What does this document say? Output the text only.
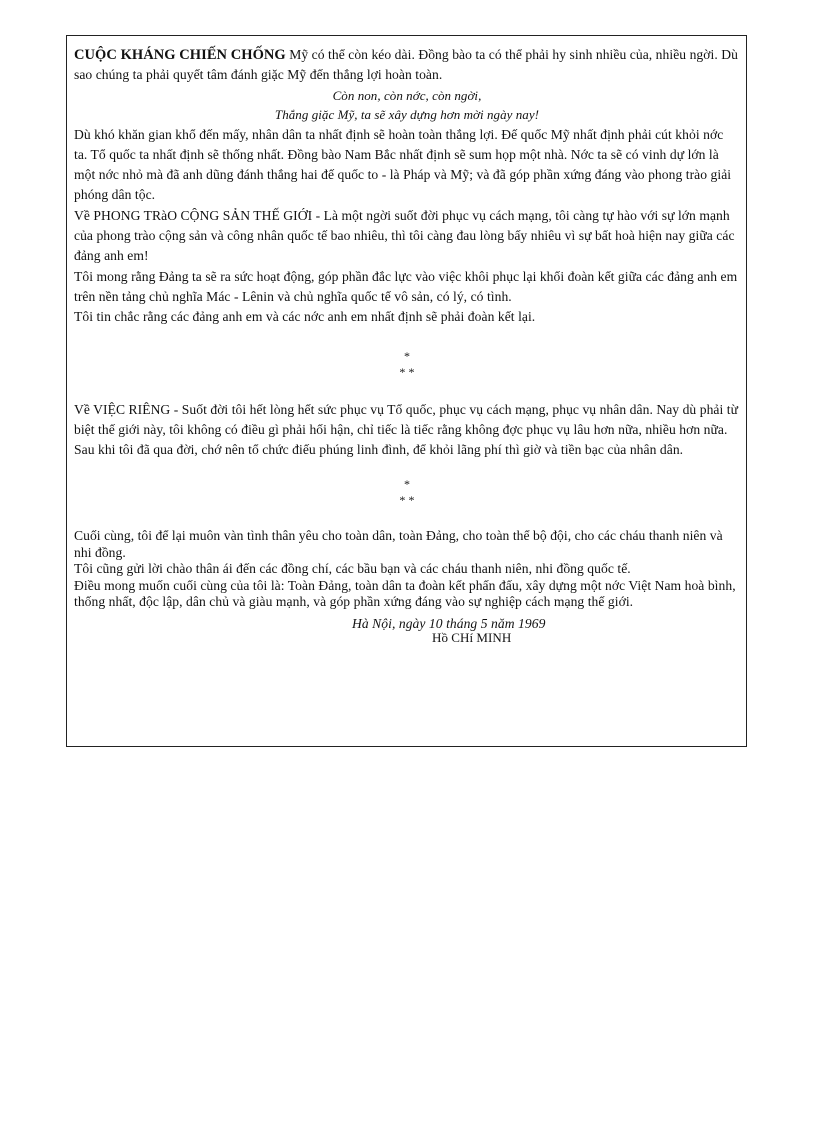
CUỘC KHÁNG CHIẾN CHỐNG Mỹ có thể còn kéo dài. Đồng bào ta có thể phải hy sinh nhiều của, nhiều ngời. Dù sao chúng ta phải quyết tâm đánh giặc Mỹ đến thắng lợi hoàn toàn.

Còn non, còn nớc, còn ngời,

Thắng giặc Mỹ, ta sẽ xây dựng hơn mời ngày nay!

Dù khó khăn gian khổ đến mấy, nhân dân ta nhất định sẽ hoàn toàn thắng lợi. Đế quốc Mỹ nhất định phải cút khỏi nớc ta. Tổ quốc ta nhất định sẽ thống nhất. Đồng bào Nam Bắc nhất định sẽ sum họp một nhà. Nớc ta sẽ có vinh dự lớn là một nớc nhỏ mà đã anh dũng đánh thắng hai đế quốc to - là Pháp và Mỹ; và đã góp phần xứng đáng vào phong trào giải phóng dân tộc.

Về PHONG TRàO CỘNG SẢN THẾ GIỚI - Là một ngời suốt đời phục vụ cách mạng, tôi càng tự hào với sự lớn mạnh của phong trào cộng sản và công nhân quốc tế bao nhiêu, thì tôi càng đau lòng bấy nhiêu vì sự bất hoà hiện nay giữa các đảng anh em!

Tôi mong rằng Đảng ta sẽ ra sức hoạt động, góp phần đắc lực vào việc khôi phục lại khối đoàn kết giữa các đảng anh em trên nền tảng chủ nghĩa Mác - Lênin và chủ nghĩa quốc tế vô sản, có lý, có tình.

Tôi tin chắc rằng các đảng anh em và các nớc anh em nhất định sẽ phải đoàn kết lại.

*

* *

Về VIỆC RIÊNG - Suốt đời tôi hết lòng hết sức phục vụ Tổ quốc, phục vụ cách mạng, phục vụ nhân dân. Nay dù phải từ biệt thế giới này, tôi không có điều gì phải hối hận, chỉ tiếc là tiếc rằng không đợc phục vụ lâu hơn nữa, nhiều hơn nữa.

Sau khi tôi đã qua đời, chớ nên tổ chức điếu phúng linh đình, để khỏi lãng phí thì giờ và tiền bạc của nhân dân.

*

* *

Cuối cùng, tôi để lại muôn vàn tình thân yêu cho toàn dân, toàn Đảng, cho toàn thể bộ đội, cho các cháu thanh niên và nhi đồng.

Tôi cũng gửi lời chào thân ái đến các đồng chí, các bầu bạn và các cháu thanh niên, nhi đồng quốc tế.

Điều mong muốn cuối cùng của tôi là: Toàn Đảng, toàn dân ta đoàn kết phấn đấu, xây dựng một nớc Việt Nam hoà bình, thống nhất, độc lập, dân chủ và giàu mạnh, và góp phần xứng đáng vào sự nghiệp cách mạng thế giới.

Hà Nội, ngày 10 tháng 5 năm 1969

Hồ CHí MINH
